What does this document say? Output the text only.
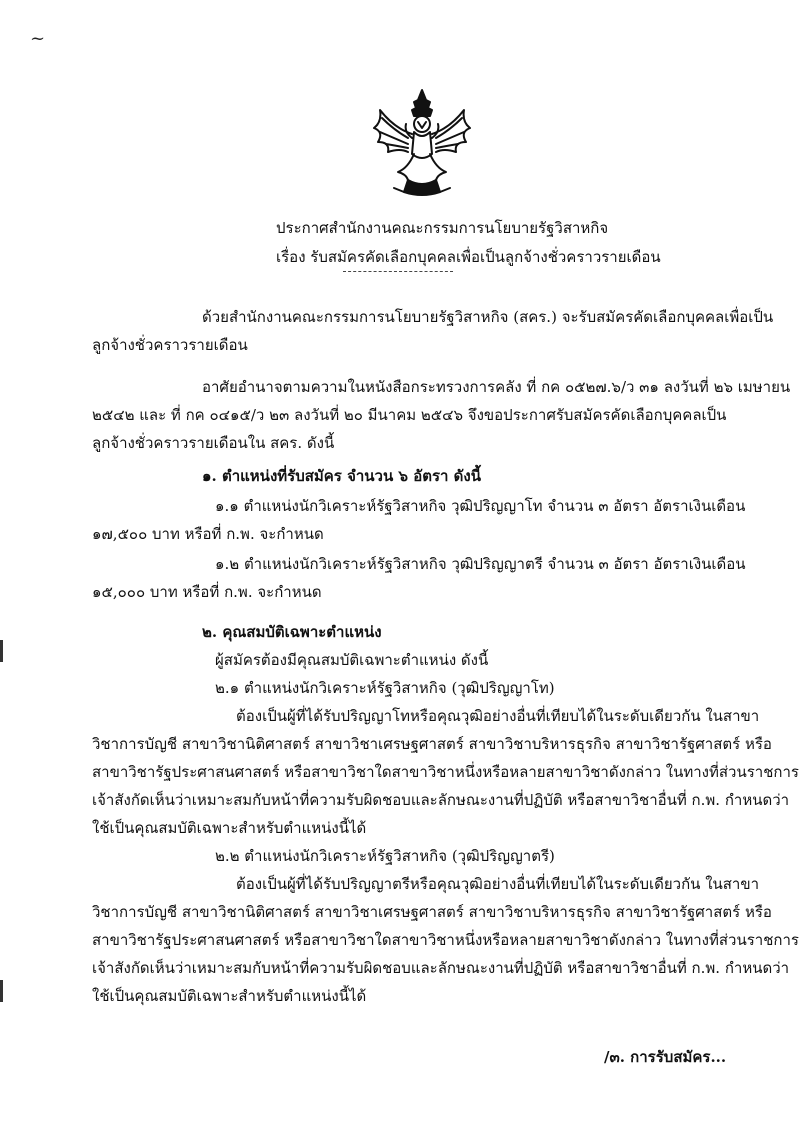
~
ประกาศสำนักงานคณะกรรมการนโยบายรัฐวิสาหกิจ
เรื่อง รับสมัครคัดเลือกบุคคลเพื่อเป็นลูกจ้างชั่วคราวรายเดือน
ด้วยสำนักงานคณะกรรมการนโยบายรัฐวิสาหกิจ (สคร.) จะรับสมัครคัดเลือกบุคคลเพื่อเป็น
ลูกจ้างชั่วคราวรายเดือน
อาศัยอำนาจตามความในหนังสือกระทรวงการคลัง ที่ กค ๐๕๒๗.๖/ว ๓๑ ลงวันที่ ๒๖ เมษายน
๒๕๔๒ และ ที่ กค ๐๔๑๕/ว ๒๓ ลงวันที่ ๒๐ มีนาคม ๒๕๔๖ จึงขอประกาศรับสมัครคัดเลือกบุคคลเป็น
ลูกจ้างชั่วคราวรายเดือนใน สคร. ดังนี้
๑. ตำแหน่งที่รับสมัคร จำนวน ๖ อัตรา ดังนี้
๑.๑ ตำแหน่งนักวิเคราะห์รัฐวิสาหกิจ วุฒิปริญญาโท จำนวน ๓ อัตรา อัตราเงินเดือน
๑๗,๕๐๐ บาท หรือที่ ก.พ. จะกำหนด
๑.๒ ตำแหน่งนักวิเคราะห์รัฐวิสาหกิจ วุฒิปริญญาตรี จำนวน ๓ อัตรา อัตราเงินเดือน
๑๕,๐๐๐ บาท หรือที่ ก.พ. จะกำหนด
๒. คุณสมบัติเฉพาะตำแหน่ง
ผู้สมัครต้องมีคุณสมบัติเฉพาะตำแหน่ง ดังนี้
๒.๑ ตำแหน่งนักวิเคราะห์รัฐวิสาหกิจ (วุฒิปริญญาโท)
ต้องเป็นผู้ที่ได้รับปริญญาโทหรือคุณวุฒิอย่างอื่นที่เทียบได้ในระดับเดียวกัน ในสาขา
วิชาการบัญชี สาขาวิชานิติศาสตร์ สาขาวิชาเศรษฐศาสตร์ สาขาวิชาบริหารธุรกิจ สาขาวิชารัฐศาสตร์ หรือ
สาขาวิชารัฐประศาสนศาสตร์ หรือสาขาวิชาใดสาขาวิชาหนึ่งหรือหลายสาขาวิชาดังกล่าว ในทางที่ส่วนราชการ
เจ้าสังกัดเห็นว่าเหมาะสมกับหน้าที่ความรับผิดชอบและลักษณะงานที่ปฏิบัติ หรือสาขาวิชาอื่นที่ ก.พ. กำหนดว่า
ใช้เป็นคุณสมบัติเฉพาะสำหรับตำแหน่งนี้ได้
๒.๒ ตำแหน่งนักวิเคราะห์รัฐวิสาหกิจ (วุฒิปริญญาตรี)
ต้องเป็นผู้ที่ได้รับปริญญาตรีหรือคุณวุฒิอย่างอื่นที่เทียบได้ในระดับเดียวกัน ในสาขา
วิชาการบัญชี สาขาวิชานิติศาสตร์ สาขาวิชาเศรษฐศาสตร์ สาขาวิชาบริหารธุรกิจ สาขาวิชารัฐศาสตร์ หรือ
สาขาวิชารัฐประศาสนศาสตร์ หรือสาขาวิชาใดสาขาวิชาหนึ่งหรือหลายสาขาวิชาดังกล่าว ในทางที่ส่วนราชการ
เจ้าสังกัดเห็นว่าเหมาะสมกับหน้าที่ความรับผิดชอบและลักษณะงานที่ปฏิบัติ หรือสาขาวิชาอื่นที่ ก.พ. กำหนดว่า
ใช้เป็นคุณสมบัติเฉพาะสำหรับตำแหน่งนี้ได้
/๓. การรับสมัคร...
